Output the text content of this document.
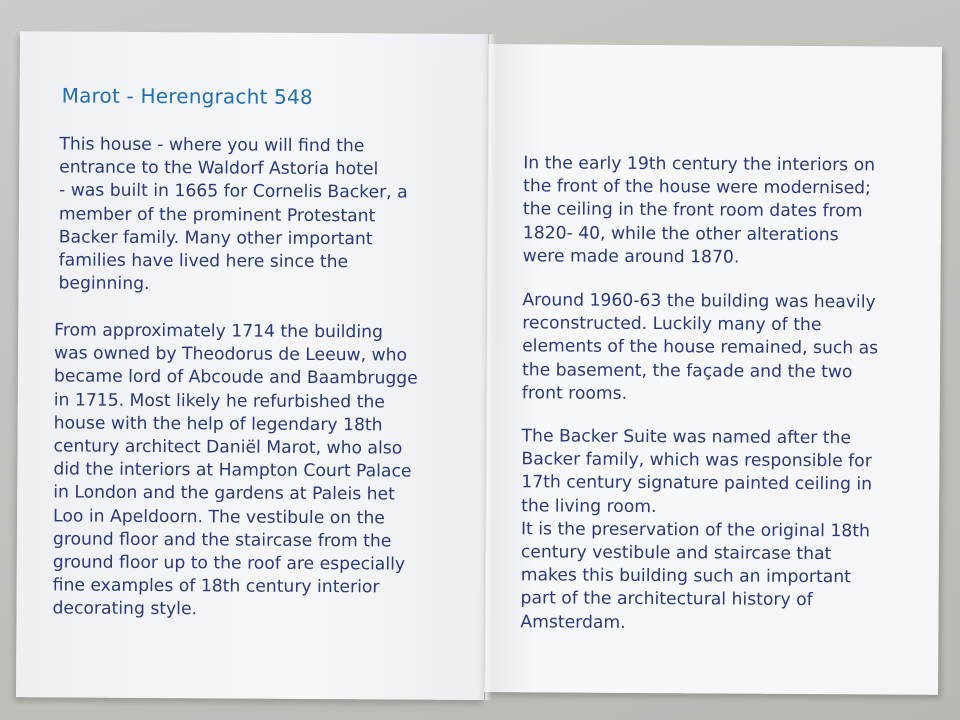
Marot - Herengracht 548

This house - where you will find the
entrance to the Waldorf Astoria hotel
- was built in 1665 for Cornelis Backer, a
member of the prominent Protestant
Backer family. Many other important
families have lived here since the
beginning.

From approximately 1714 the building
was owned by Theodorus de Leeuw, who
became lord of Abcoude and Baambrugge
in 1715. Most likely he refurbished the
house with the help of legendary 18th
century architect Daniël Marot, who also
did the interiors at Hampton Court Palace
in London and the gardens at Paleis het
Loo in Apeldoorn. The vestibule on the
ground floor and the staircase from the
ground floor up to the roof are especially
fine examples of 18th century interior
decorating style.

In the early 19th century the interiors on
the front of the house were modernised;
the ceiling in the front room dates from
1820- 40, while the other alterations
were made around 1870.

Around 1960-63 the building was heavily
reconstructed. Luckily many of the
elements of the house remained, such as
the basement, the façade and the two
front rooms.

The Backer Suite was named after the
Backer family, which was responsible for
17th century signature painted ceiling in
the living room.
It is the preservation of the original 18th
century vestibule and staircase that
makes this building such an important
part of the architectural history of
Amsterdam.
